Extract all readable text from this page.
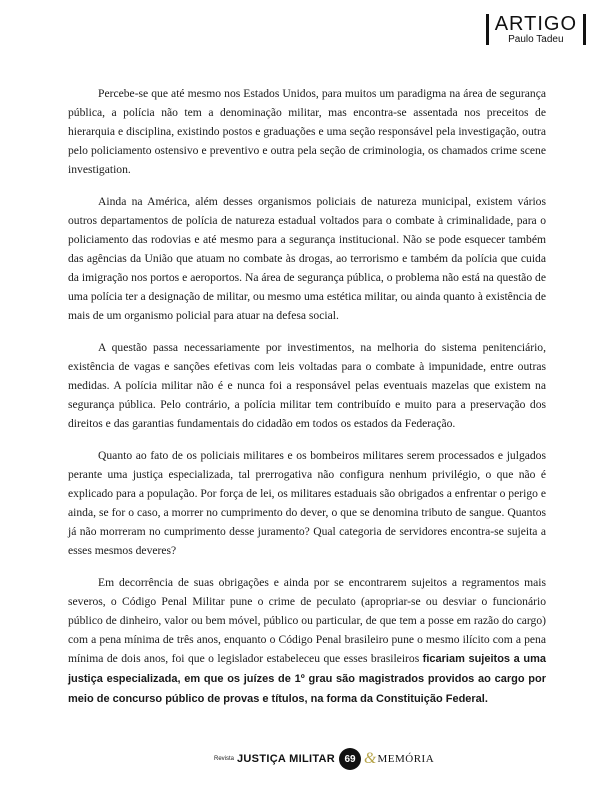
ARTIGO
Paulo Tadeu

Percebe-se que até mesmo nos Estados Unidos, para muitos um paradigma na área de segurança pública, a polícia não tem a denominação militar, mas encontra-se assentada nos preceitos de hierarquia e disciplina, existindo postos e graduações e uma seção responsável pela investigação, outra pelo policiamento ostensivo e preventivo e outra pela seção de criminologia, os chamados crime scene investigation.

Ainda na América, além desses organismos policiais de natureza municipal, existem vários outros departamentos de polícia de natureza estadual voltados para o combate à criminalidade, para o policiamento das rodovias e até mesmo para a segurança institucional. Não se pode esquecer também das agências da União que atuam no combate às drogas, ao terrorismo e também da polícia que cuida da imigração nos portos e aeroportos. Na área de segurança pública, o problema não está na questão de uma polícia ter a designação de militar, ou mesmo uma estética militar, ou ainda quanto à existência de mais de um organismo policial para atuar na defesa social.

A questão passa necessariamente por investimentos, na melhoria do sistema penitenciário, existência de vagas e sanções efetivas com leis voltadas para o combate à impunidade, entre outras medidas. A polícia militar não é e nunca foi a responsável pelas eventuais mazelas que existem na segurança pública. Pelo contrário, a polícia militar tem contribuído e muito para a preservação dos direitos e das garantias fundamentais do cidadão em todos os estados da Federação.

Quanto ao fato de os policiais militares e os bombeiros militares serem processados e julgados perante uma justiça especializada, tal prerrogativa não configura nenhum privilégio, o que não é explicado para a população. Por força de lei, os militares estaduais são obrigados a enfrentar o perigo e ainda, se for o caso, a morrer no cumprimento do dever, o que se denomina tributo de sangue. Quantos já não morreram no cumprimento desse juramento? Qual categoria de servidores encontra-se sujeita a esses mesmos deveres?

Em decorrência de suas obrigações e ainda por se encontrarem sujeitos a regramentos mais severos, o Código Penal Militar pune o crime de peculato (apropriar-se ou desviar o funcionário público de dinheiro, valor ou bem móvel, público ou particular, de que tem a posse em razão do cargo) com a pena mínima de três anos, enquanto o Código Penal brasileiro pune o mesmo ilícito com a pena mínima de dois anos, foi que o legislador estabeleceu que esses brasileiros ficariam sujeitos a uma justiça especializada, em que os juízes de 1º grau são magistrados providos ao cargo por meio de concurso público de provas e títulos, na forma da Constituição Federal.

Revista JUSTIÇA MILITAR 69 & MEMÓRIA
